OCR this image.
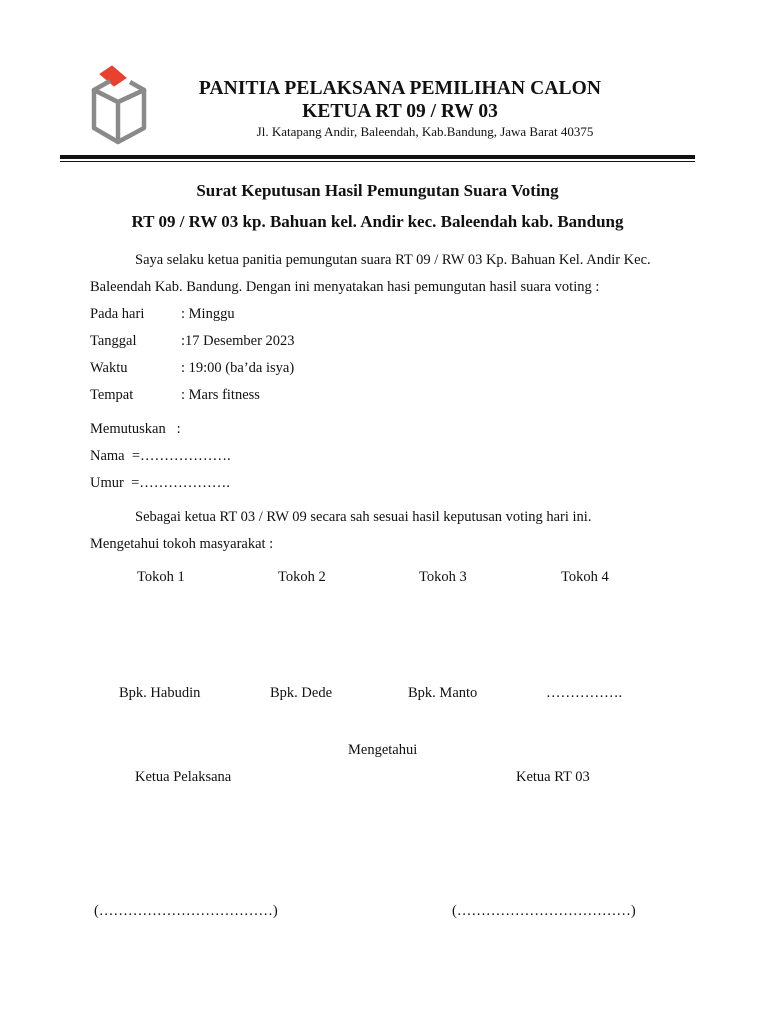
PANITIA PELAKSANA PEMILIHAN CALON
KETUA RT 09 / RW 03
Jl. Katapang Andir, Baleendah, Kab.Bandung, Jawa Barat 40375
Surat Keputusan Hasil Pemungutan Suara Voting
RT 09 / RW 03 kp. Bahuan kel. Andir kec. Baleendah kab. Bandung
Saya selaku ketua panitia pemungutan suara RT 09 / RW 03 Kp. Bahuan Kel. Andir Kec.
Baleendah Kab. Bandung. Dengan ini menyatakan hasi pemungutan hasil suara voting :
Pada hari	: Minggu
Tanggal	:17 Desember 2023
Waktu	: 19:00 (ba’da isya)
Tempat	: Mars fitness
Memutuskan   :
Nama  =……………….
Umur  =……………….
Sebagai ketua RT 03 / RW 09 secara sah sesuai hasil keputusan voting hari ini.
Mengetahui tokoh masyarakat :
Tokoh 1	Tokoh 2	Tokoh 3	Tokoh 4
Bpk. Habudin	Bpk. Dede	Bpk. Manto	…………….
Mengetahui
Ketua Pelaksana	Ketua RT 03
(………………………………)	(………………………………)
